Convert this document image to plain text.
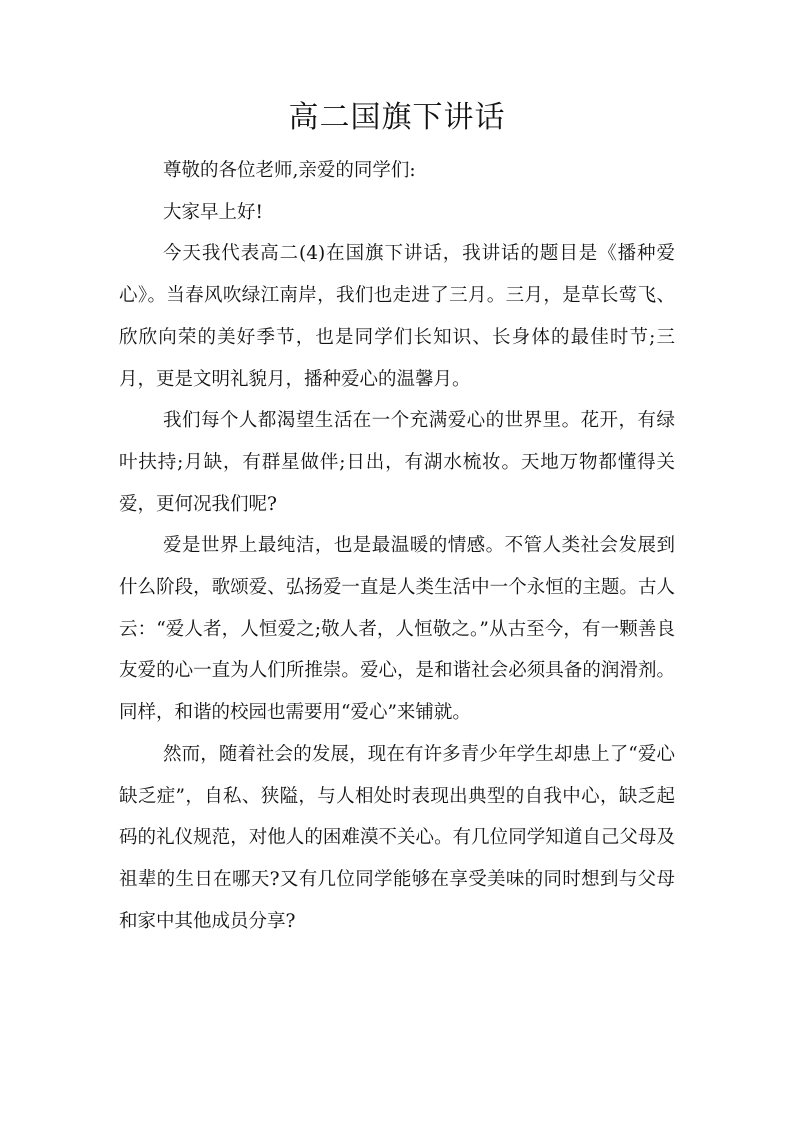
高二国旗下讲话

尊敬的各位老师,亲爱的同学们:

大家早上好!

今天我代表高二(4)在国旗下讲话，我讲话的题目是《播种爱心》。当春风吹绿江南岸，我们也走进了三月。三月，是草长莺飞、欣欣向荣的美好季节，也是同学们长知识、长身体的最佳时节;三月，更是文明礼貌月，播种爱心的温馨月。

我们每个人都渴望生活在一个充满爱心的世界里。花开，有绿叶扶持;月缺，有群星做伴;日出，有湖水梳妆。天地万物都懂得关爱，更何况我们呢?

爱是世界上最纯洁，也是最温暖的情感。不管人类社会发展到什么阶段，歌颂爱、弘扬爱一直是人类生活中一个永恒的主题。古人云：“爱人者，人恒爱之;敬人者，人恒敬之。”从古至今，有一颗善良友爱的心一直为人们所推崇。爱心，是和谐社会必须具备的润滑剂。同样，和谐的校园也需要用“爱心”来铺就。

然而，随着社会的发展，现在有许多青少年学生却患上了“爱心缺乏症”，自私、狭隘，与人相处时表现出典型的自我中心，缺乏起码的礼仪规范，对他人的困难漠不关心。有几位同学知道自己父母及祖辈的生日在哪天?又有几位同学能够在享受美味的同时想到与父母和家中其他成员分享?
